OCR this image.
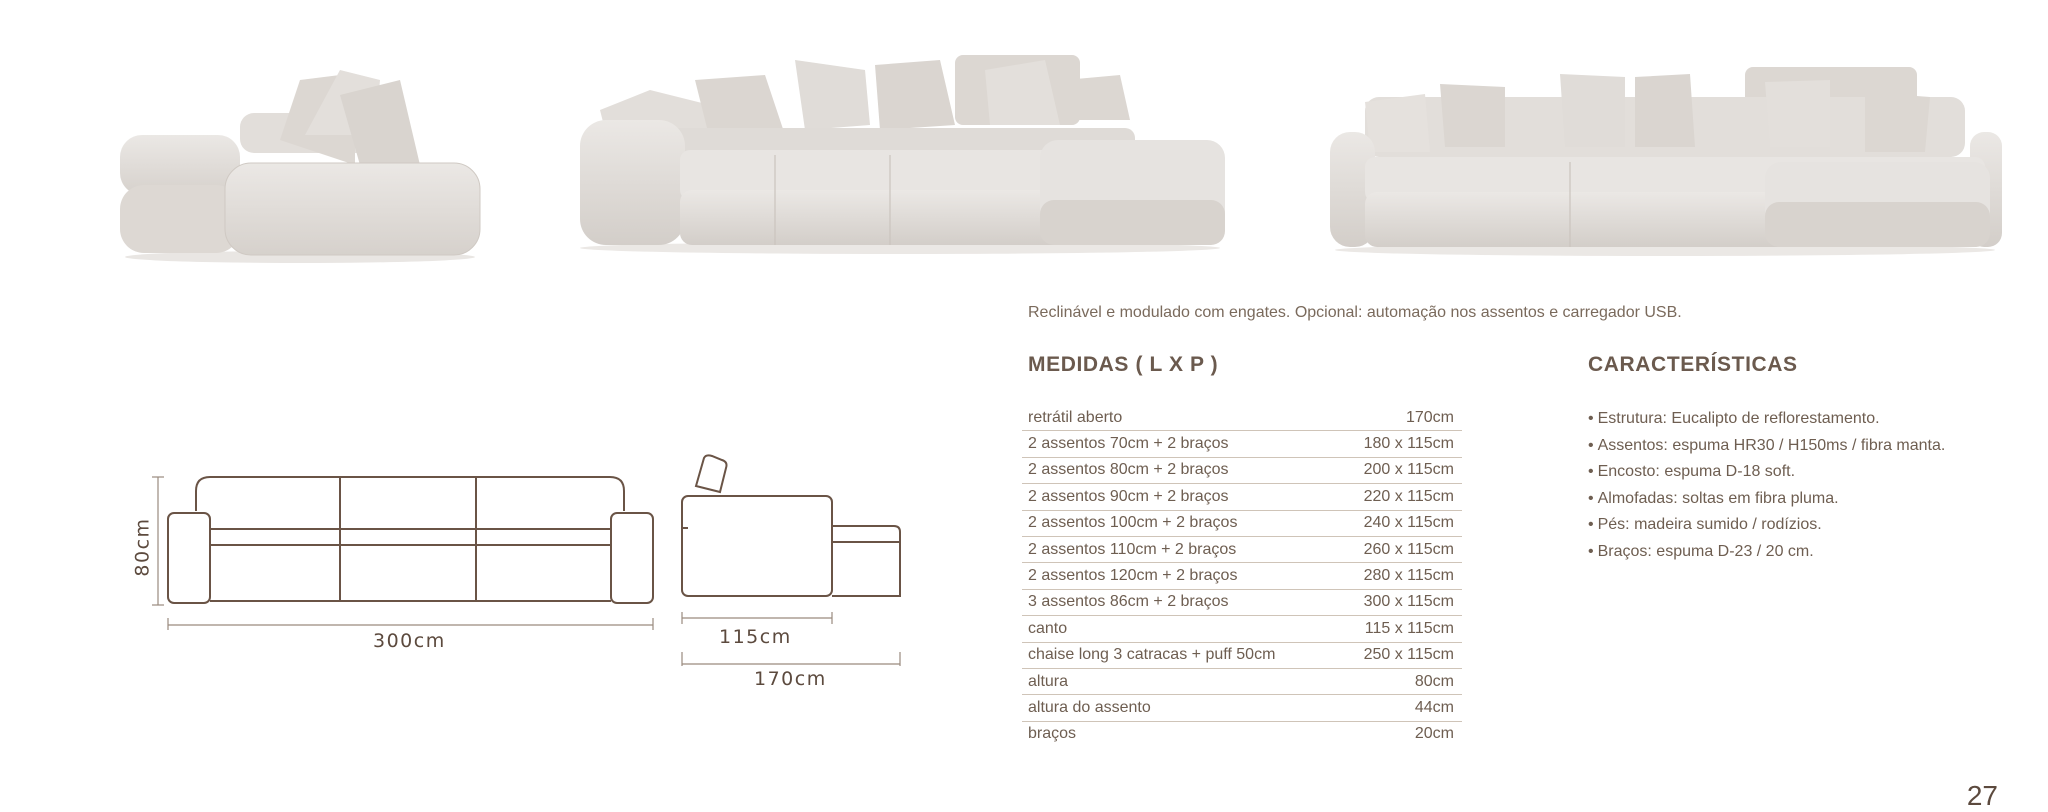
Reclinável e modulado com engates. Opcional: automação nos assentos e carregador USB.
MEDIDAS ( L X P )
retrátil aberto	170cm
2 assentos 70cm + 2 braços	180 x 115cm
2 assentos 80cm + 2 braços	200 x 115cm
2 assentos 90cm + 2 braços	220 x 115cm
2 assentos 100cm + 2 braços	240 x 115cm
2 assentos 110cm + 2 braços	260 x 115cm
2 assentos 120cm + 2 braços	280 x 115cm
3 assentos 86cm + 2 braços	300 x 115cm
canto	115 x 115cm
chaise long 3 catracas + puff 50cm	250 x 115cm
altura	80cm
altura do assento	44cm
braços	20cm
CARACTERÍSTICAS
• Estrutura: Eucalipto de reflorestamento.
• Assentos: espuma HR30 / H150ms / fibra manta.
• Encosto: espuma D-18 soft.
• Almofadas: soltas em fibra pluma.
• Pés: madeira sumido / rodízios.
• Braços: espuma D-23 / 20 cm.
80cm
300cm	115cm
170cm
27
